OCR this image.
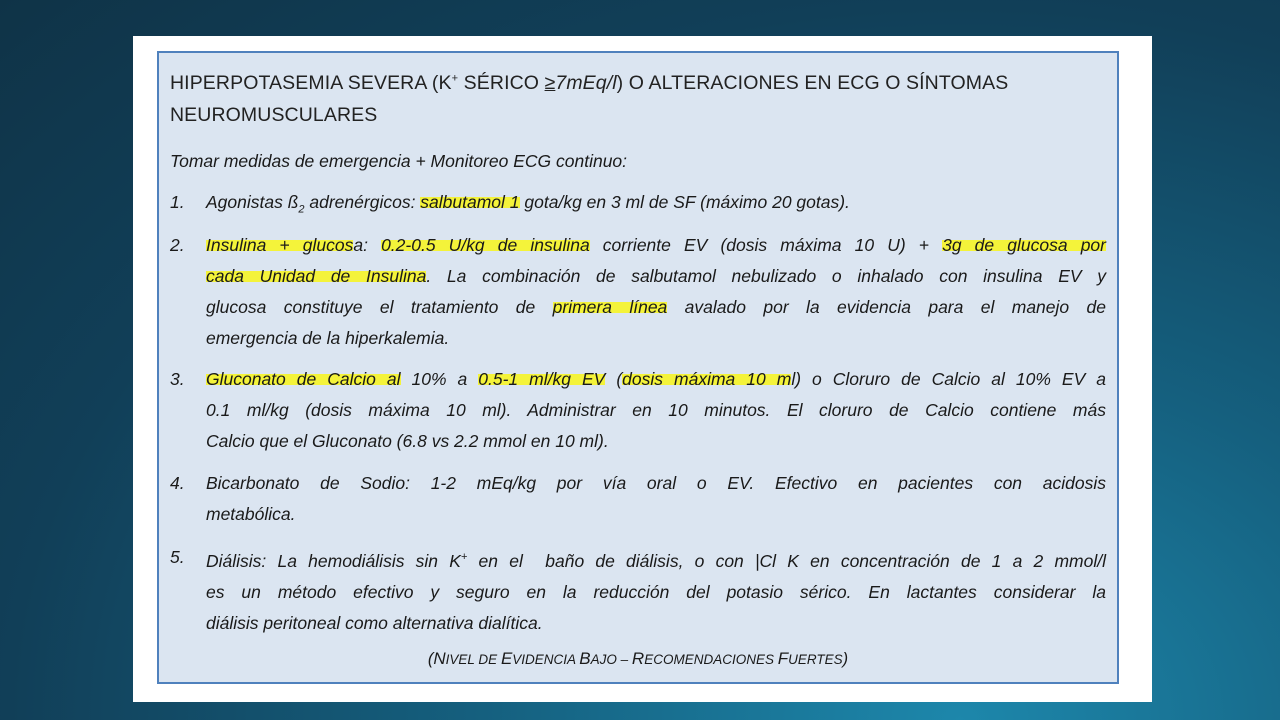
HIPERPOTASEMIA SEVERA (K+ SÉRICO ≥7mEq/l) O ALTERACIONES EN ECG O SÍNTOMAS
NEUROMUSCULARES
Tomar medidas de emergencia + Monitoreo ECG continuo:
1.	Agonistas $ß_2$ adrenérgicos: salbutamol 1 gota/kg en 3 ml de SF (máximo 20 gotas).
2.	Insulina + glucosa: 0.2-0.5 U/kg de insulina corriente EV (dosis máxima 10 U) + 3g de glucosa por
cada Unidad de Insulina. La combinación de salbutamol nebulizado o inhalado con insulina EV y
glucosa constituye el tratamiento de primera línea avalado por la evidencia para el manejo de
emergencia de la hiperkalemia.
3.	Gluconato de Calcio al 10% a 0.5-1 ml/kg EV (dosis máxima 10 ml) o Cloruro de Calcio al 10% EV a
0.1 ml/kg (dosis máxima 10 ml). Administrar en 10 minutos. El cloruro de Calcio contiene más
Calcio que el Gluconato (6.8 vs 2.2 mmol en 10 ml).
4.	Bicarbonato de Sodio: 1-2 mEq/kg por vía oral o EV. Efectivo en pacientes con acidosis
metabólica.
5.	Diálisis: La hemodiálisis sin K+ en el  baño de diálisis, o con |Cl K en concentración de 1 a 2 mmol/l
es un método efectivo y seguro en la reducción del potasio sérico. En lactantes considerar la
diálisis peritoneal como alternativa dialítica.
(NIVEL DE EVIDENCIA BAJO – RECOMENDACIONES FUERTES)
